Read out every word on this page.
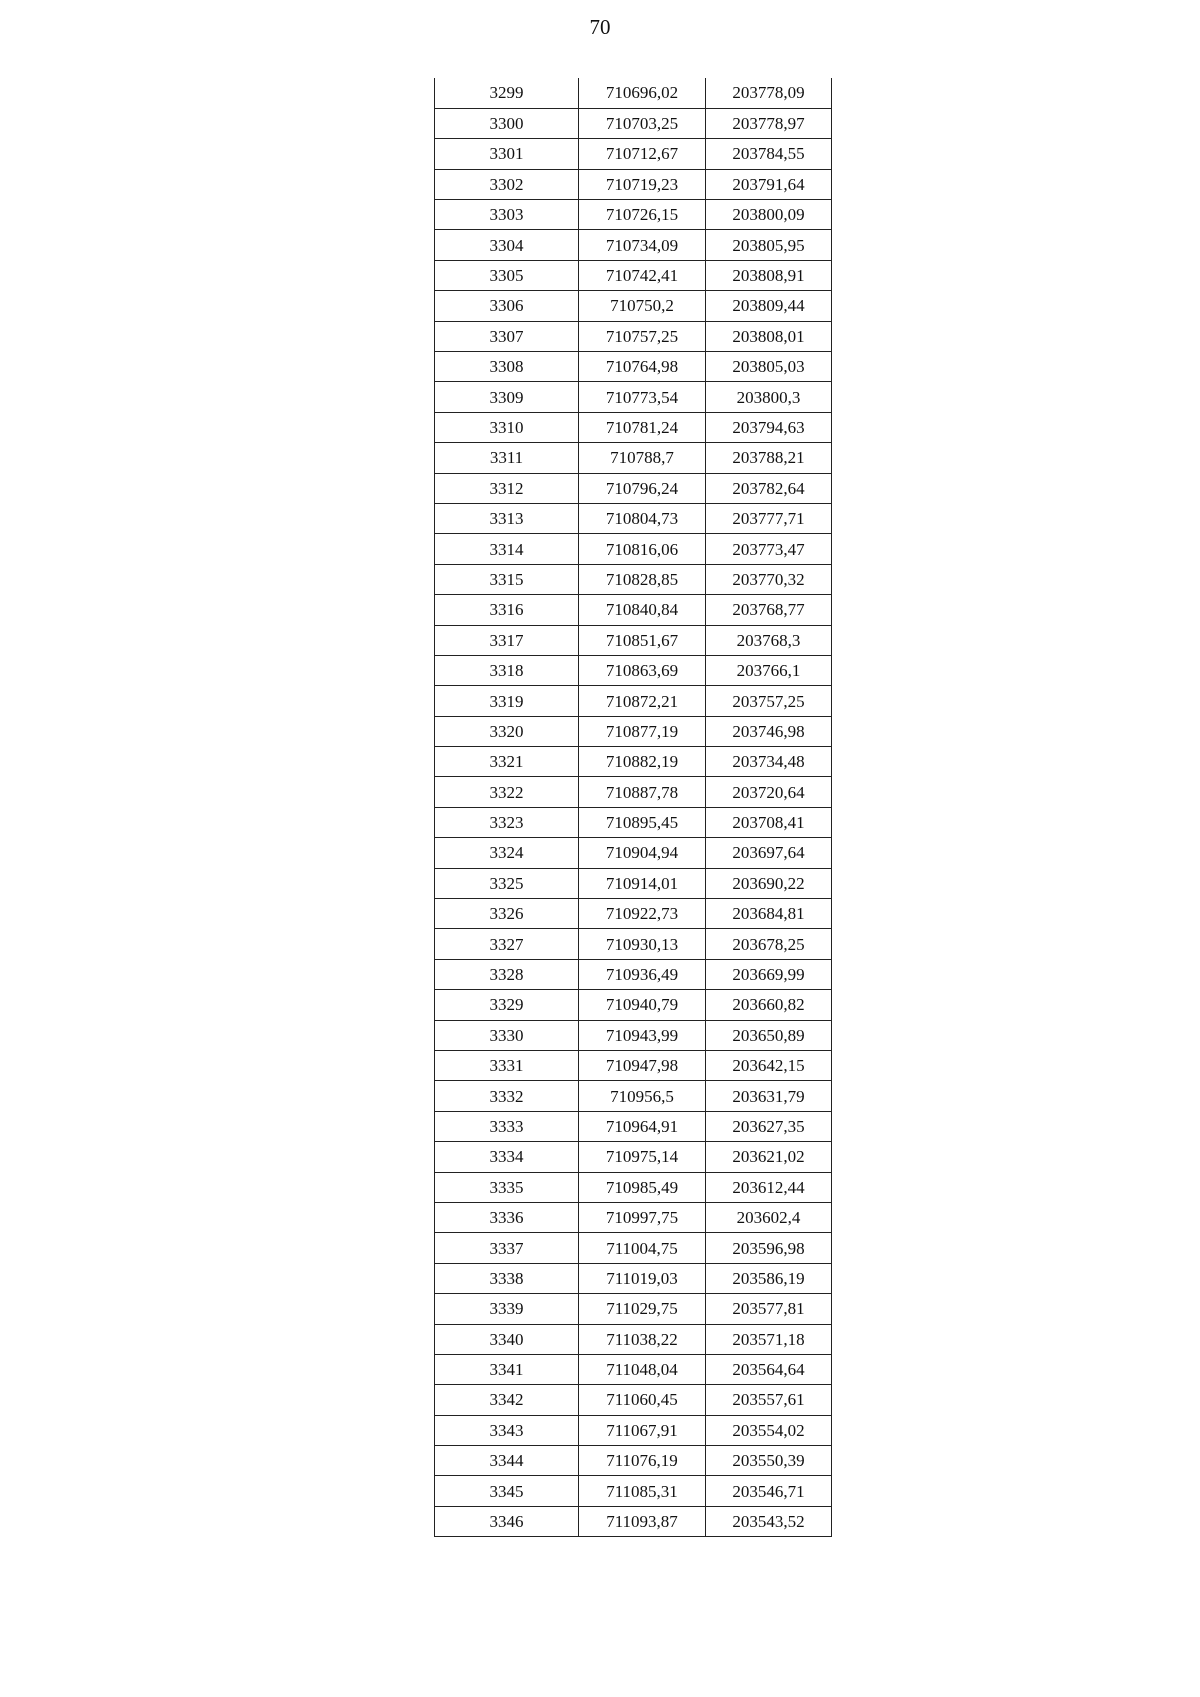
70
3299	710696,02	203778,09
3300	710703,25	203778,97
3301	710712,67	203784,55
3302	710719,23	203791,64
3303	710726,15	203800,09
3304	710734,09	203805,95
3305	710742,41	203808,91
3306	710750,2	203809,44
3307	710757,25	203808,01
3308	710764,98	203805,03
3309	710773,54	203800,3
3310	710781,24	203794,63
3311	710788,7	203788,21
3312	710796,24	203782,64
3313	710804,73	203777,71
3314	710816,06	203773,47
3315	710828,85	203770,32
3316	710840,84	203768,77
3317	710851,67	203768,3
3318	710863,69	203766,1
3319	710872,21	203757,25
3320	710877,19	203746,98
3321	710882,19	203734,48
3322	710887,78	203720,64
3323	710895,45	203708,41
3324	710904,94	203697,64
3325	710914,01	203690,22
3326	710922,73	203684,81
3327	710930,13	203678,25
3328	710936,49	203669,99
3329	710940,79	203660,82
3330	710943,99	203650,89
3331	710947,98	203642,15
3332	710956,5	203631,79
3333	710964,91	203627,35
3334	710975,14	203621,02
3335	710985,49	203612,44
3336	710997,75	203602,4
3337	711004,75	203596,98
3338	711019,03	203586,19
3339	711029,75	203577,81
3340	711038,22	203571,18
3341	711048,04	203564,64
3342	711060,45	203557,61
3343	711067,91	203554,02
3344	711076,19	203550,39
3345	711085,31	203546,71
3346	711093,87	203543,52
